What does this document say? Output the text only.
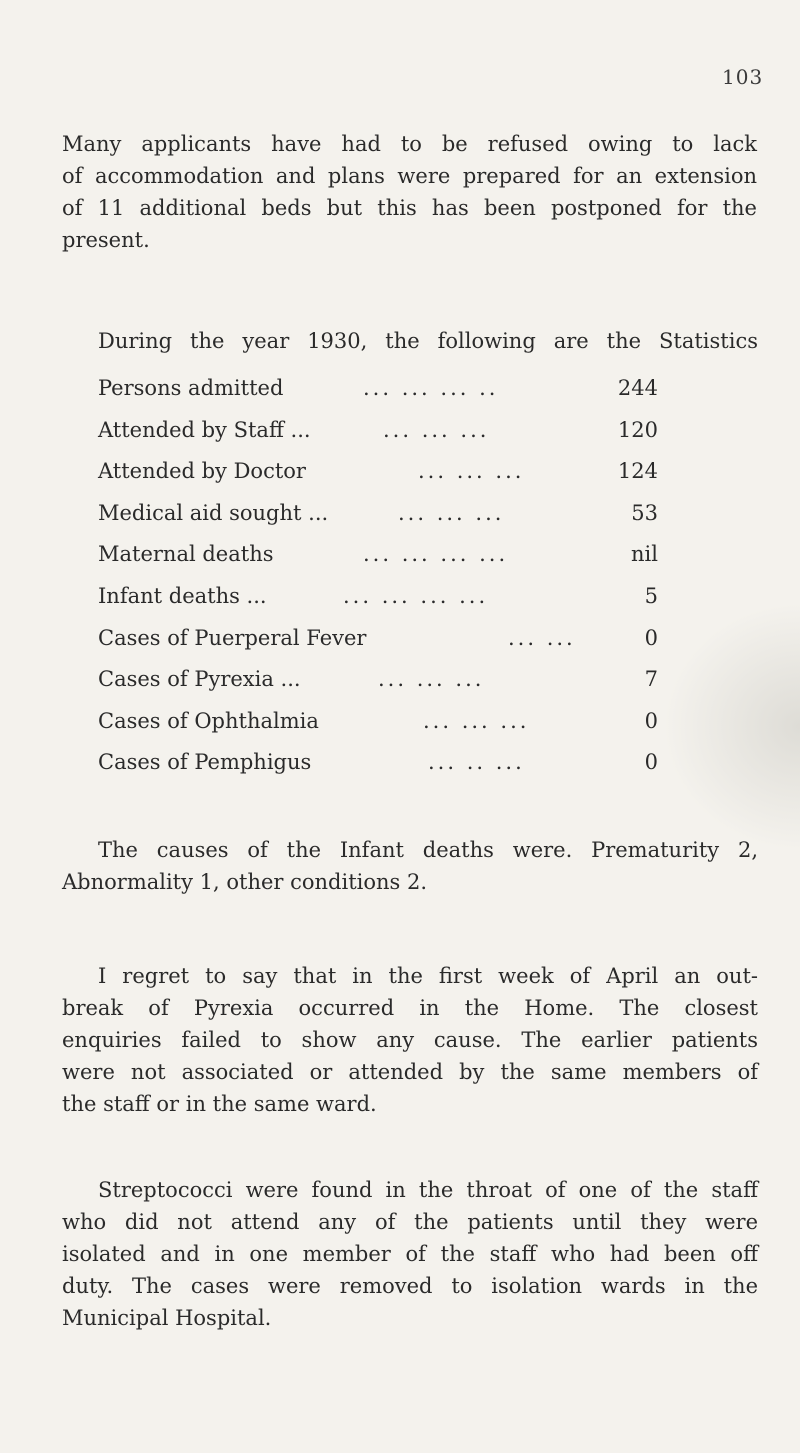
103

Many applicants have had to be refused owing to lack
of accommodation and plans were prepared for an extension
of 11 additional beds but this has been postponed for the
present.

During the year 1930, the following are the Statistics

Persons admitted	... ... ... ..	244
Attended by Staff ...	... ... ...	120
Attended by Doctor	... ... ...	124
Medical aid sought ...	... ... ...	53
Maternal deaths	... ... ... ...	nil
Infant deaths ...	... ... ... ...	5
Cases of Puerperal Fever	... ...	0
Cases of Pyrexia ...	... ... ...	7
Cases of Ophthalmia	... ... ...	0
Cases of Pemphigus	... .. ...	0

The causes of the Infant deaths were. Prematurity 2,
Abnormality 1, other conditions 2.

I regret to say that in the first week of April an out-
break of Pyrexia occurred in the Home. The closest
enquiries failed to show any cause. The earlier patients
were not associated or attended by the same members of
the staff or in the same ward.

Streptococci were found in the throat of one of the staff
who did not attend any of the patients until they were
isolated and in one member of the staff who had been off
duty. The cases were removed to isolation wards in the
Municipal Hospital.
